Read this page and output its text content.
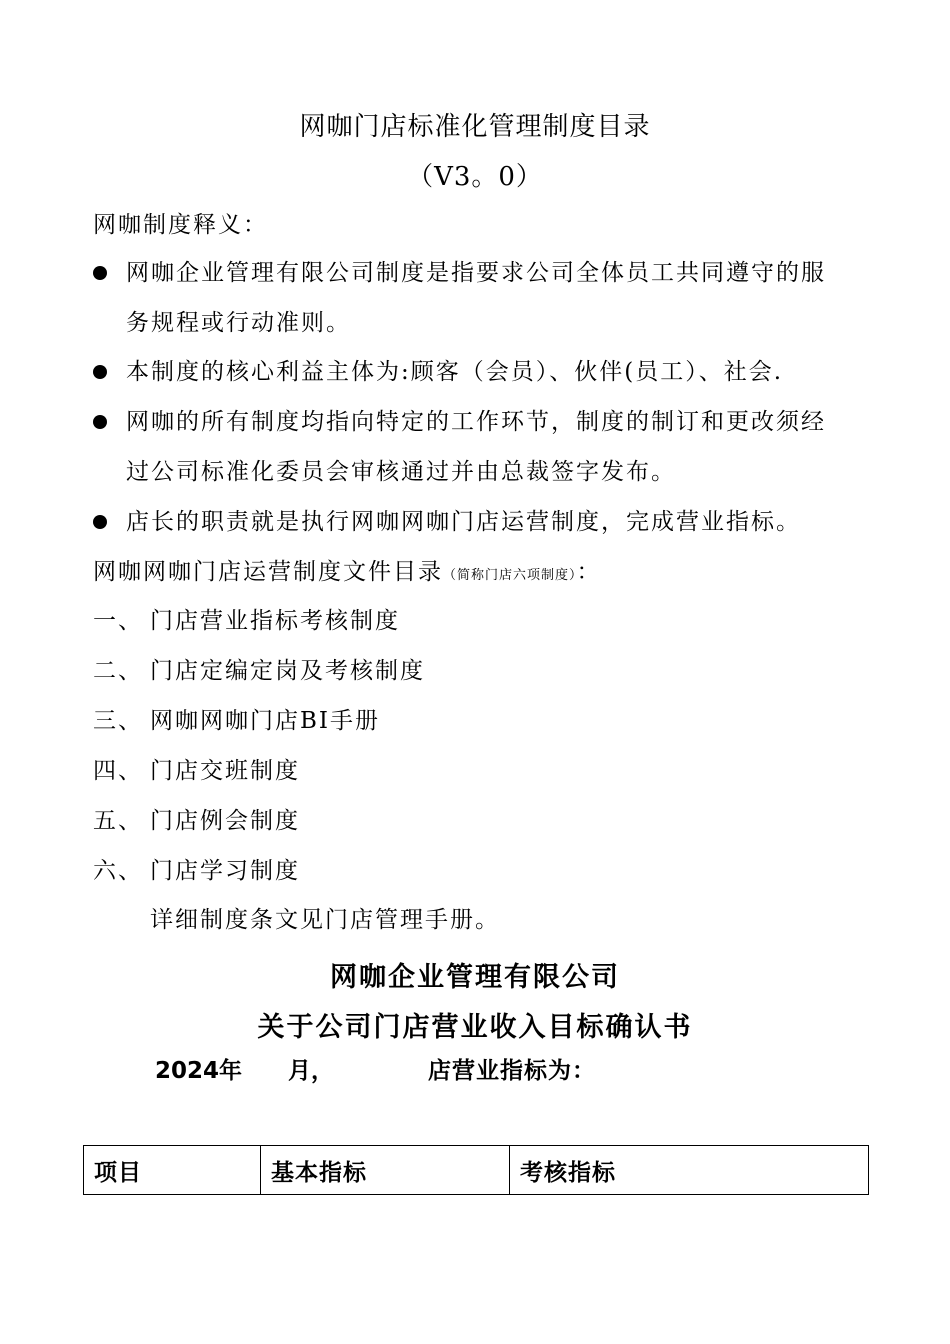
网咖门店标准化管理制度目录
（V3。0）
网咖制度释义：
网咖企业管理有限公司制度是指要求公司全体员工共同遵守的服
务规程或行动准则。
本制度的核心利益主体为:顾客（会员）、伙伴(员工）、社会.
网咖的所有制度均指向特定的工作环节，制度的制订和更改须经
过公司标准化委员会审核通过并由总裁签字发布。
店长的职责就是执行网咖网咖门店运营制度，完成营业指标。
网咖网咖门店运营制度文件目录（简称门店六项制度）：
一、 门店营业指标考核制度
二、 门店定编定岗及考核制度
三、 网咖网咖门店BI手册
四、 门店交班制度
五、 门店例会制度
六、 门店学习制度
详细制度条文见门店管理手册。
网咖企业管理有限公司
关于公司门店营业收入目标确认书
2024年 月，	店营业指标为：
项目	基本指标	考核指标
